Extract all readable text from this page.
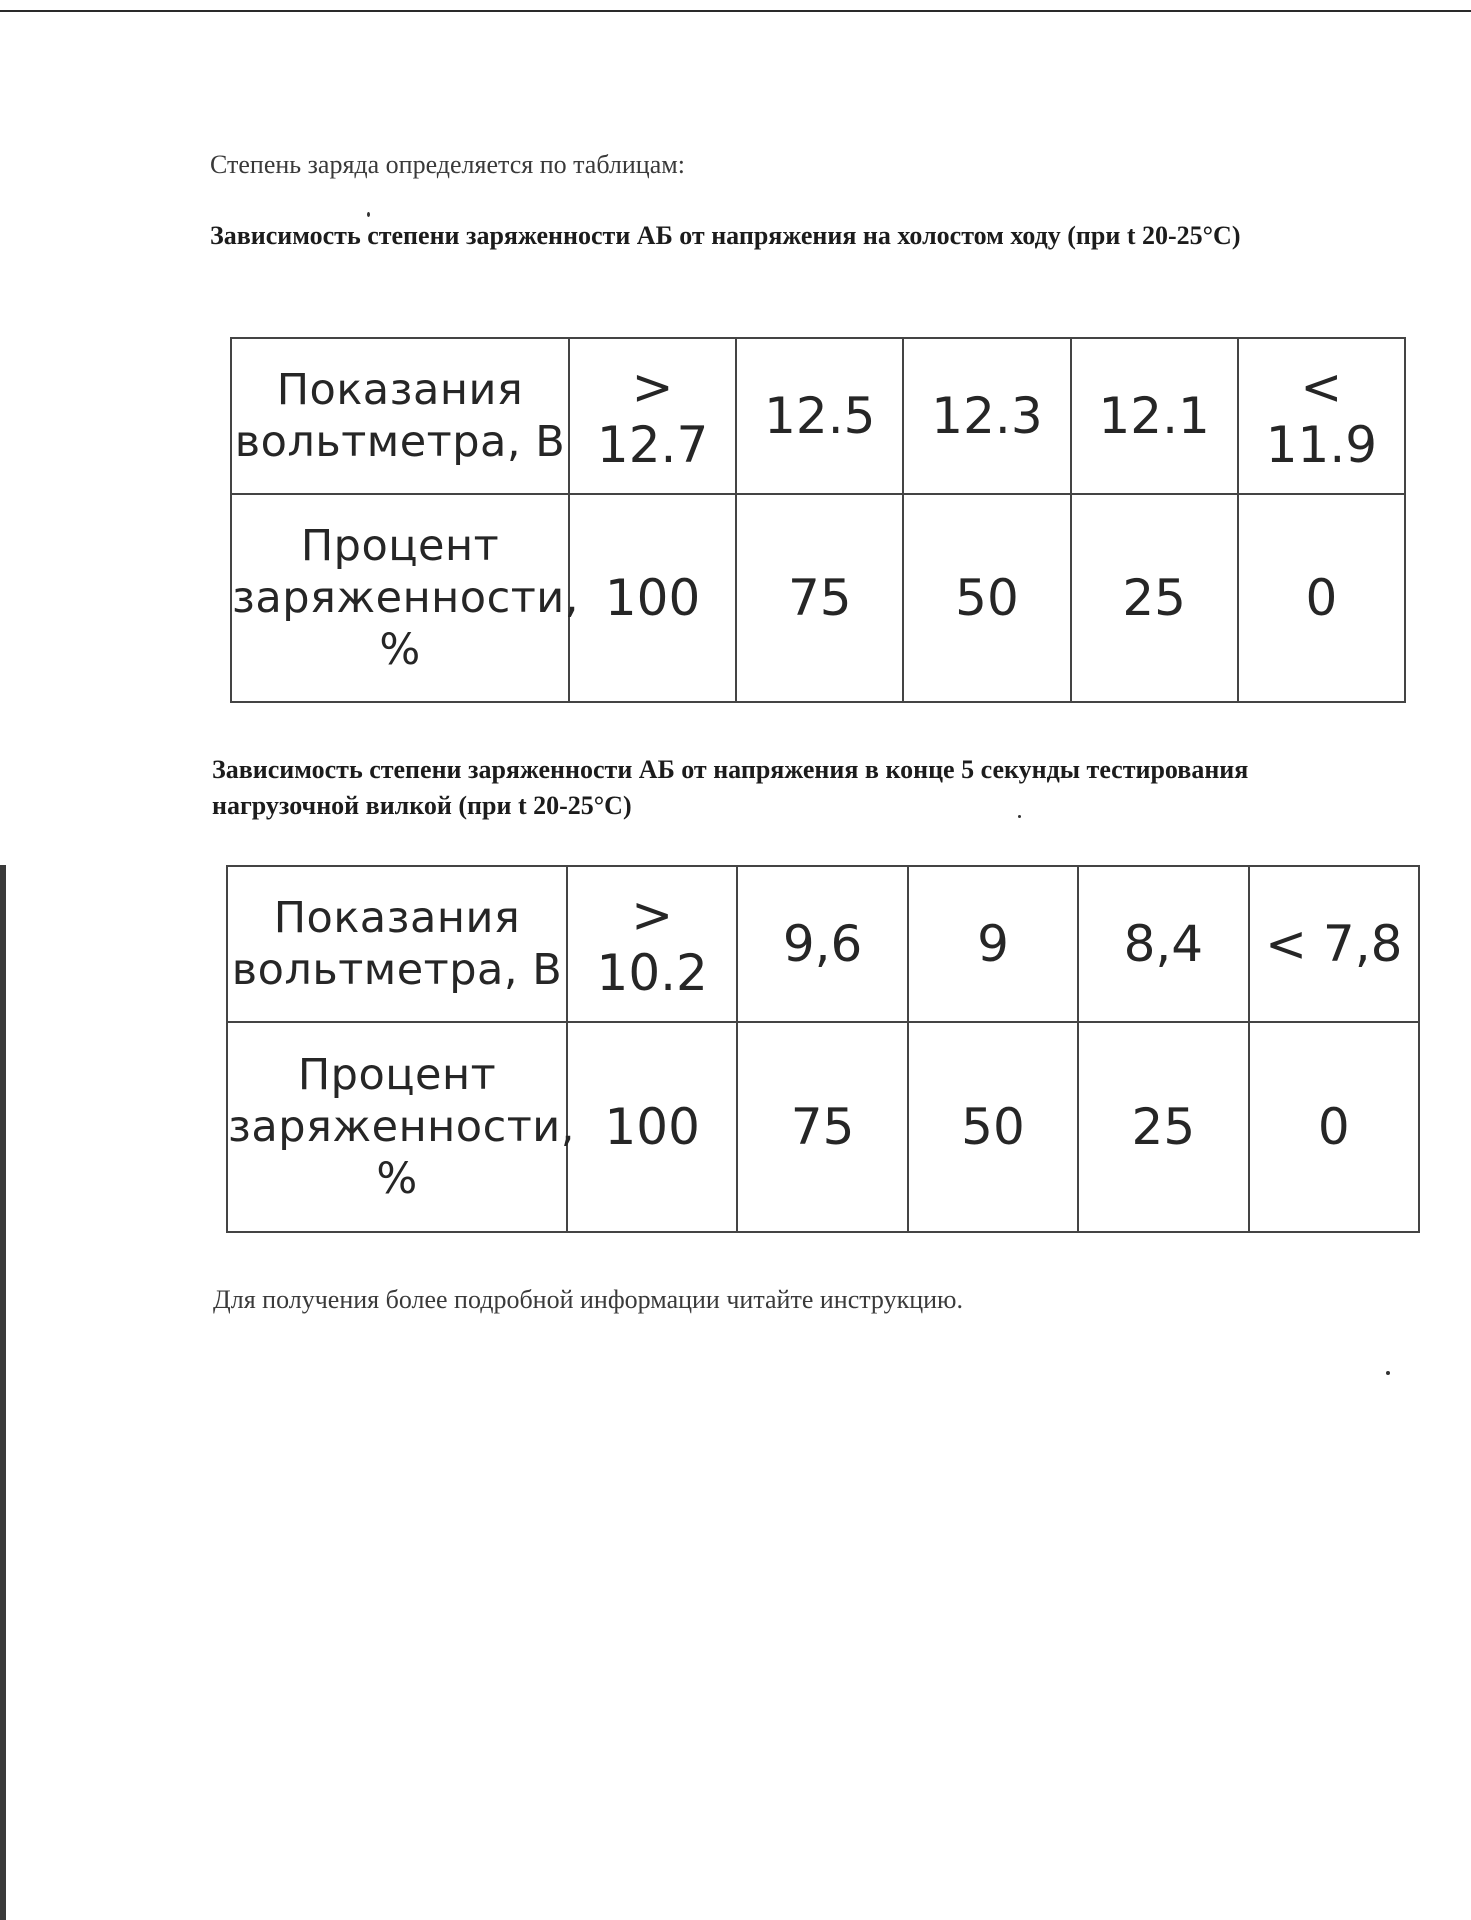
Степень заряда определяется по таблицам:

Зависимость степени заряженности АБ от напряжения на холостом ходу (при t 20-25°С)

Показания вольтметра, В	> 12.7	12.5	12.3	12.1	< 11.9
Процент заряженности, %	100	75	50	25	0

Зависимость степени заряженности АБ от напряжения в конце 5 секунды тестирования нагрузочной вилкой (при t 20-25°С)

Показания вольтметра, В	> 10.2	9,6	9	8,4	< 7,8
Процент заряженности, %	100	75	50	25	0

Для получения более подробной информации читайте инструкцию.
